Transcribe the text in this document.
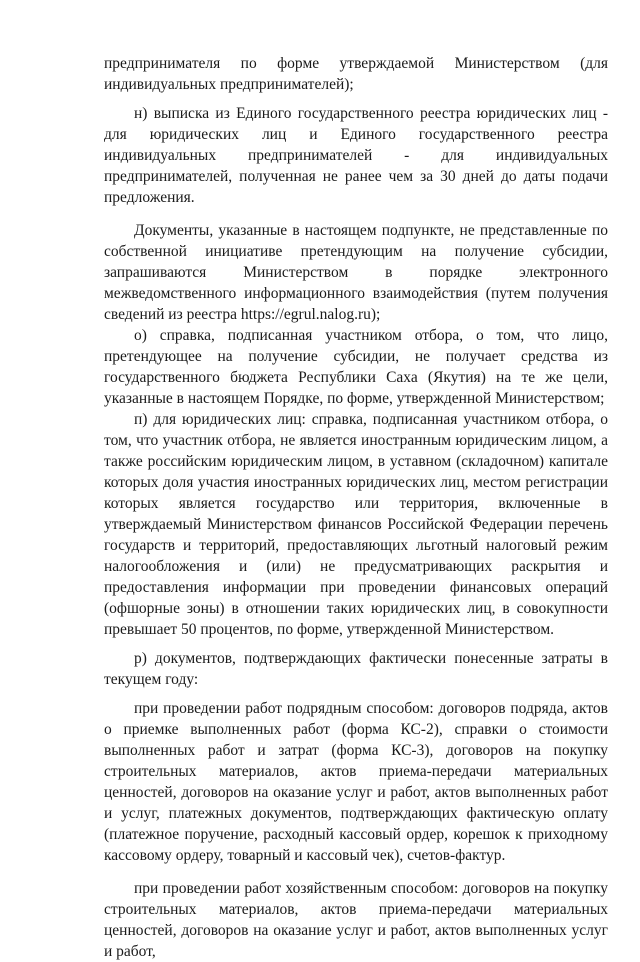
предпринимателя по форме утверждаемой Министерством (для индивидуальных предпринимателей);

н) выписка из Единого государственного реестра юридических лиц - для юридических лиц и Единого государственного реестра индивидуальных предпринимателей - для индивидуальных предпринимателей, полученная не ранее чем за 30 дней до даты подачи предложения.

Документы, указанные в настоящем подпункте, не представленные по собственной инициативе претендующим на получение субсидии, запрашиваются Министерством в порядке электронного межведомственного информационного взаимодействия (путем получения сведений из реестра https://egrul.nalog.ru);

о) справка, подписанная участником отбора, о том, что лицо, претендующее на получение субсидии, не получает средства из государственного бюджета Республики Саха (Якутия) на те же цели, указанные в настоящем Порядке, по форме, утвержденной Министерством;

п) для юридических лиц: справка, подписанная участником отбора, о том, что участник отбора, не является иностранным юридическим лицом, а также российским юридическим лицом, в уставном (складочном) капитале которых доля участия иностранных юридических лиц, местом регистрации которых является государство или территория, включенные в утверждаемый Министерством финансов Российской Федерации перечень государств и территорий, предоставляющих льготный налоговый режим налогообложения и (или) не предусматривающих раскрытия и предоставления информации при проведении финансовых операций (офшорные зоны) в отношении таких юридических лиц, в совокупности превышает 50 процентов, по форме, утвержденной Министерством.

р) документов, подтверждающих фактически понесенные затраты в текущем году:

при проведении работ подрядным способом: договоров подряда, актов о приемке выполненных работ (форма КС-2), справки о стоимости выполненных работ и затрат (форма КС-3), договоров на покупку строительных материалов, актов приема-передачи материальных ценностей, договоров на оказание услуг и работ, актов выполненных работ и услуг, платежных документов, подтверждающих фактическую оплату (платежное поручение, расходный кассовый ордер, корешок к приходному кассовому ордеру, товарный и кассовый чек), счетов-фактур.

при проведении работ хозяйственным способом: договоров на покупку строительных материалов, актов приема-передачи материальных ценностей, договоров на оказание услуг и работ, актов выполненных услуг и работ,
